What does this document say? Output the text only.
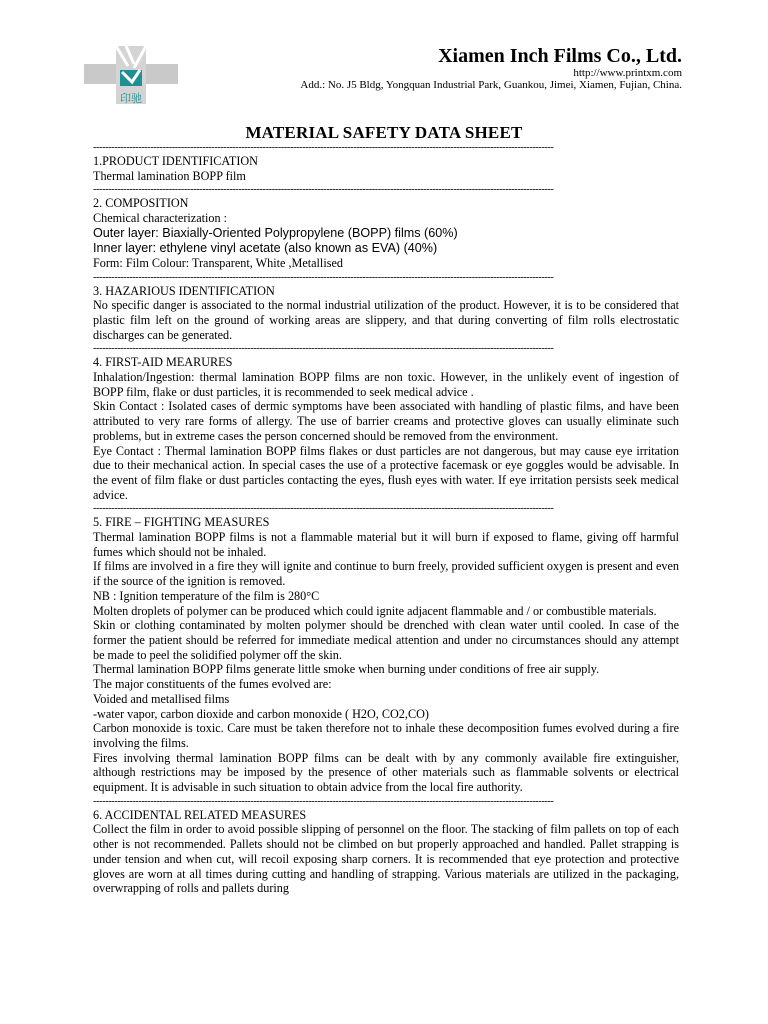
印驰
Xiamen Inch Films Co., Ltd.
http://www.printxm.com
Add.: No. J5 Bldg, Yongquan Industrial Park, Guankou, Jimei, Xiamen, Fujian, China.
MATERIAL SAFETY DATA SHEET
--------------------------------------------------------------------------------------------------------------------------------------------------------

1.PRODUCT IDENTIFICATION

Thermal lamination BOPP film

--------------------------------------------------------------------------------------------------------------------------------------------------------

2. COMPOSITION

Chemical characterization :

Outer layer: Biaxially-Oriented Polypropylene (BOPP) films (60%)

Inner layer: ethylene vinyl acetate (also known as EVA) (40%)

Form: Film Colour: Transparent, White ,Metallised

--------------------------------------------------------------------------------------------------------------------------------------------------------

3. HAZARIOUS IDENTIFICATION

No specific danger is associated to the normal industrial utilization of the product. However, it is to be considered that plastic film left on the ground of working areas are slippery, and that during converting of film rolls electrostatic discharges can be generated.

--------------------------------------------------------------------------------------------------------------------------------------------------------

4. FIRST-AID MEARURES

Inhalation/Ingestion: thermal lamination BOPP films are non toxic. However, in the unlikely event of ingestion of BOPP film, flake or dust particles, it is recommended to seek medical advice .

Skin Contact : Isolated cases of dermic symptoms have been associated with handling of plastic films, and have been attributed to very rare forms of allergy. The use of barrier creams and protective gloves can usually eliminate such problems, but in extreme cases the person concerned should be removed from the environment.

Eye Contact : Thermal lamination BOPP films flakes or dust particles are not dangerous, but may cause eye irritation due to their mechanical action. In special cases the use of a protective facemask or eye goggles would be advisable. In the event of film flake or dust particles contacting the eyes, flush eyes with water. If eye irritation persists seek medical advice.

--------------------------------------------------------------------------------------------------------------------------------------------------------

5. FIRE – FIGHTING MEASURES

Thermal lamination BOPP films is not a flammable material but it will burn if exposed to flame, giving off harmful fumes which should not be inhaled.

If films are involved in a fire they will ignite and continue to burn freely, provided sufficient oxygen is present and even if the source of the ignition is removed.

NB : Ignition temperature of the film is 280°C

Molten droplets of polymer can be produced which could ignite adjacent flammable and / or combustible materials.

Skin or clothing contaminated by molten polymer should be drenched with clean water until cooled. In case of the former the patient should be referred for immediate medical attention and under no circumstances should any attempt be made to peel the solidified polymer off the skin.

Thermal lamination BOPP films generate little smoke when burning under conditions of free air supply.

The major constituents of the fumes evolved are:

Voided and metallised films

-water vapor, carbon dioxide and carbon monoxide ( H2O, CO2,CO)

Carbon monoxide is toxic. Care must be taken therefore not to inhale these decomposition fumes evolved during a fire involving the films.

Fires involving thermal lamination BOPP films can be dealt with by any commonly available fire extinguisher, although restrictions may be imposed by the presence of other materials such as flammable solvents or electrical equipment. It is advisable in such situation to obtain advice from the local fire authority.

--------------------------------------------------------------------------------------------------------------------------------------------------------

6. ACCIDENTAL RELATED MEASURES

Collect the film in order to avoid possible slipping of personnel on the floor. The stacking of film pallets on top of each other is not recommended. Pallets should not be climbed on but properly approached and handled. Pallet strapping is under tension and when cut, will recoil exposing sharp corners. It is recommended that eye protection and protective gloves are worn at all times during cutting and handling of strapping. Various materials are utilized in the packaging, overwrapping of rolls and pallets during
